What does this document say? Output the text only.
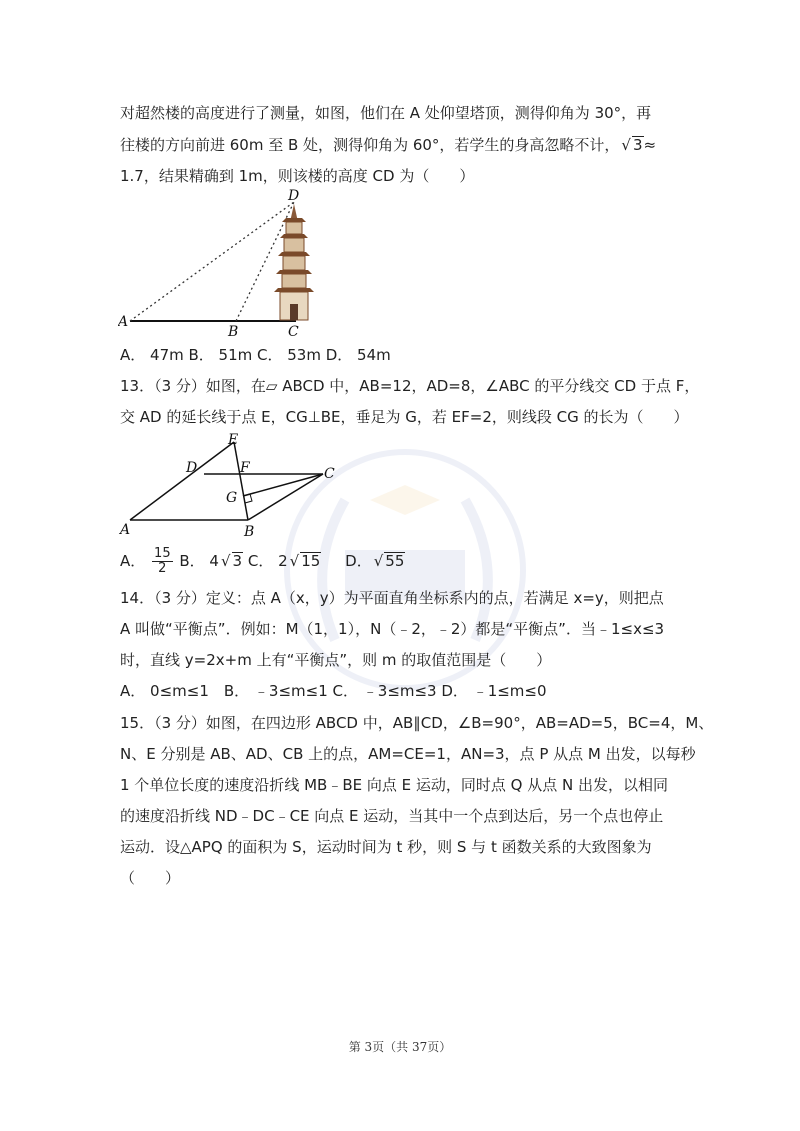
对超然楼的高度进行了测量，如图，他们在 A 处仰望塔顶，测得仰角为 30°，再
往楼的方向前进 60m 至 B 处，测得仰角为 60°，若学生的身高忽略不计， √ 3≈
1.7，结果精确到 1m，则该楼的高度 CD 为（　　）
A
B	C
D
A． 47m B． 51m C． 53m D． 54m
13．（3 分）如图，在▱ ABCD 中，AB=12，AD=8，∠ABC 的平分线交 CD 于点 F，
交 AD 的延长线于点 E，CG⊥BE，垂足为 G，若 EF=2，则线段 CG 的长为（　　）
A	B
C
D
E
F
G
A． $\frac{15}{2}$ B． 4 √ 3 C． 2 √ 15 D． √ 55
14．（3 分）定义：点 A（x，y）为平面直角坐标系内的点，若满足 x=y，则把点
A 叫做“平衡点”．例如：M（1，1），N（﹣2，﹣2）都是“平衡点”．当﹣1≤x≤3
时，直线 y=2x+m 上有“平衡点”，则 m 的取值范围是（　　）
A． 0≤m≤1　B． ﹣3≤m≤1 C． ﹣3≤m≤3 D． ﹣1≤m≤0
15．（3 分）如图，在四边形 ABCD 中，AB∥CD，∠B=90°，AB=AD=5，BC=4，M、
N、E 分别是 AB、AD、CB 上的点，AM=CE=1，AN=3，点 P 从点 M 出发，以每秒
1 个单位长度的速度沿折线 MB﹣BE 向点 E 运动，同时点 Q 从点 N 出发，以相同
的速度沿折线 ND﹣DC﹣CE 向点 E 运动，当其中一个点到达后，另一个点也停止
运动．设△APQ 的面积为 S，运动时间为 t 秒，则 S 与 t 函数关系的大致图象为
（　　）
第 3页（共 37页）
